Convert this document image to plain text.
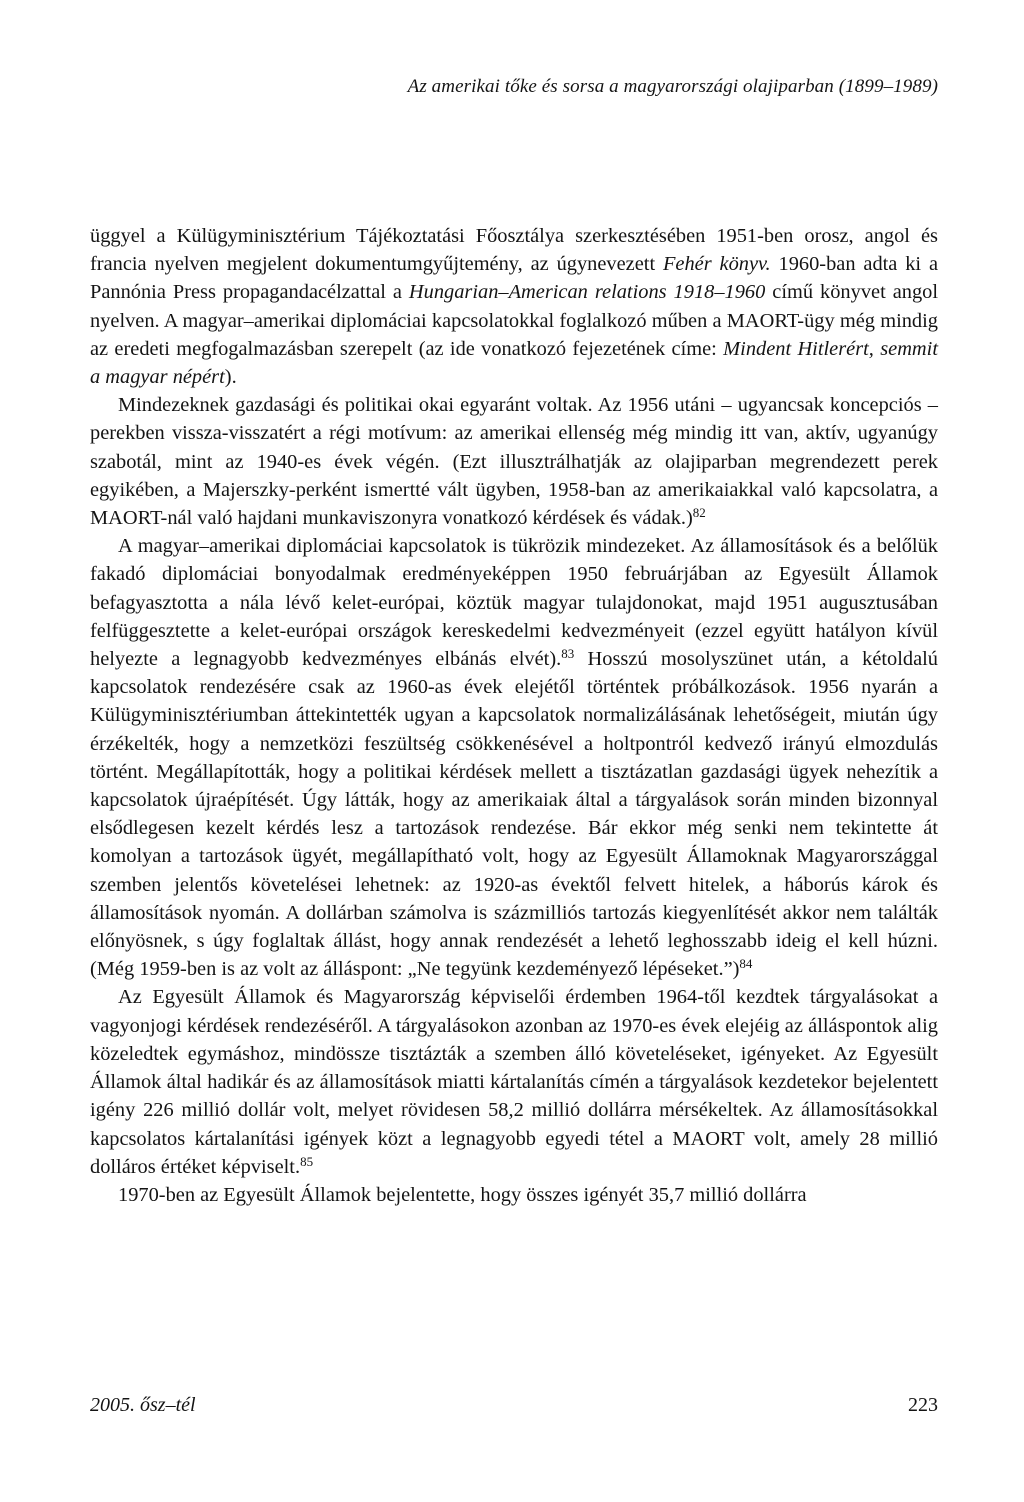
Az amerikai tőke és sorsa a magyarországi olajiparban (1899–1989)

üggyel a Külügyminisztérium Tájékoztatási Főosztálya szerkesztésében 1951-ben orosz, angol és francia nyelven megjelent dokumentumgyűjtemény, az úgynevezett Fehér könyv. 1960-ban adta ki a Pannónia Press propagandacélzattal a Hungarian–American relations 1918–1960 című könyvet angol nyelven. A magyar–amerikai diplomáciai kapcsolatokkal foglalkozó műben a MAORT-ügy még mindig az eredeti megfogalmazásban szerepelt (az ide vonatkozó fejezetének címe: Mindent Hitlerért, semmit a magyar népért).

Mindezeknek gazdasági és politikai okai egyaránt voltak. Az 1956 utáni – ugyancsak koncepciós – perekben vissza-visszatért a régi motívum: az amerikai ellenség még mindig itt van, aktív, ugyanúgy szabotál, mint az 1940-es évek végén. (Ezt illusztrálhatják az olajiparban megrendezett perek egyikében, a Majerszky-perként ismertté vált ügyben, 1958-ban az amerikaiakkal való kapcsolatra, a MAORT-nál való hajdani munkaviszonyra vonatkozó kérdések és vádak.)$^{82}$

A magyar–amerikai diplomáciai kapcsolatok is tükrözik mindezeket. Az államosítások és a belőlük fakadó diplomáciai bonyodalmak eredményeképpen 1950 februárjában az Egyesült Államok befagyasztotta a nála lévő kelet-európai, köztük magyar tulajdonokat, majd 1951 augusztusában felfüggesztette a kelet-európai országok kereskedelmi kedvezményeit (ezzel együtt hatályon kívül helyezte a legnagyobb kedvezményes elbánás elvét).$^{83}$ Hosszú mosolyszünet után, a kétoldalú kapcsolatok rendezésére csak az 1960-as évek elejétől történtek próbálkozások. 1956 nyarán a Külügyminisztériumban áttekintették ugyan a kapcsolatok normalizálásának lehetőségeit, miután úgy érzékelték, hogy a nemzetközi feszültség csökkenésével a holtpontról kedvező irányú elmozdulás történt. Megállapították, hogy a politikai kérdések mellett a tisztázatlan gazdasági ügyek nehezítik a kapcsolatok újraépítését. Úgy látták, hogy az amerikaiak által a tárgyalások során minden bizonnyal elsődlegesen kezelt kérdés lesz a tartozások rendezése. Bár ekkor még senki nem tekintette át komolyan a tartozások ügyét, megállapítható volt, hogy az Egyesült Államoknak Magyarországgal szemben jelentős követelései lehetnek: az 1920-as évektől felvett hitelek, a háborús károk és államosítások nyomán. A dollárban számolva is százmilliós tartozás kiegyenlítését akkor nem találták előnyösnek, s úgy foglaltak állást, hogy annak rendezését a lehető leghosszabb ideig el kell húzni. (Még 1959-ben is az volt az álláspont: „Ne tegyünk kezdeményező lépéseket.”)$^{84}$

Az Egyesült Államok és Magyarország képviselői érdemben 1964-től kezdtek tárgyalásokat a vagyonjogi kérdések rendezéséről. A tárgyalásokon azonban az 1970-es évek elejéig az álláspontok alig közeledtek egymáshoz, mindössze tisztázták a szemben álló követeléseket, igényeket. Az Egyesült Államok által hadikár és az államosítások miatti kártalanítás címén a tárgyalások kezdetekor bejelentett igény 226 millió dollár volt, melyet rövidesen 58,2 millió dollárra mérsékeltek. Az államosításokkal kapcsolatos kártalanítási igények közt a legnagyobb egyedi tétel a MAORT volt, amely 28 millió dolláros értéket képviselt.$^{85}$

1970-ben az Egyesült Államok bejelentette, hogy összes igényét 35,7 millió dollárra

2005. ősz–tél	223
